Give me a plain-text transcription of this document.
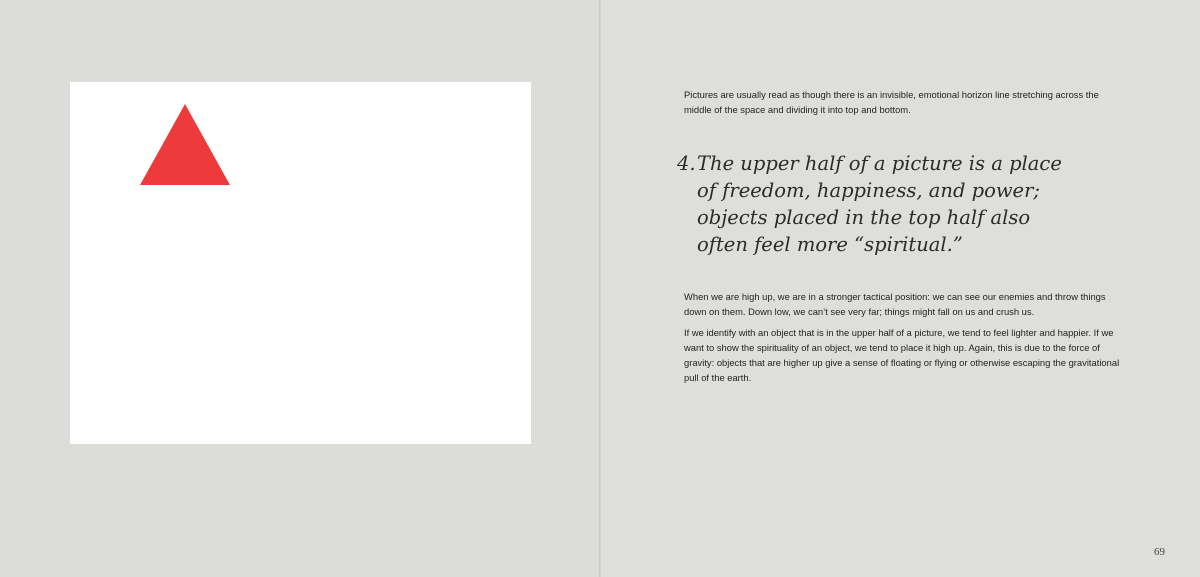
Pictures are usually read as though there is an invisible, emotional horizon line stretching across the middle of the space and dividing it into top and bottom.
4. The upper half of a picture is a place of freedom, happiness, and power; objects placed in the top half also often feel more “spiritual.”

When we are high up, we are in a stronger tactical position: we can see our enemies and throw things down on them. Down low, we can’t see very far; things might fall on us and crush us.

If we identify with an object that is in the upper half of a picture, we tend to feel lighter and happier. If we want to show the spirituality of an object, we tend to place it high up. Again, this is due to the force of gravity: objects that are higher up give a sense of floating or flying or otherwise escaping the gravitational pull of the earth.

69
